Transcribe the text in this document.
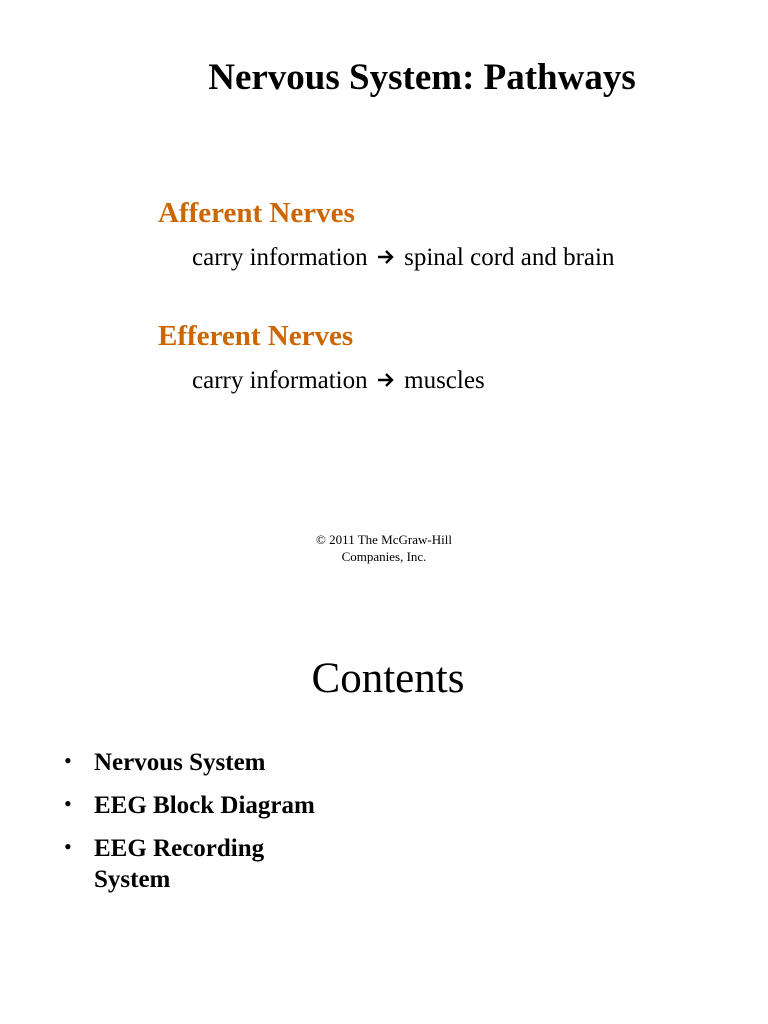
Nervous System: Pathways
Afferent Nerves
carry information spinal cord and brain
Efferent Nerves
carry information muscles
© 2011 The McGraw-Hill
Companies, Inc.
Contents
• Nervous System
• EEG Block Diagram
• EEG Recording System
